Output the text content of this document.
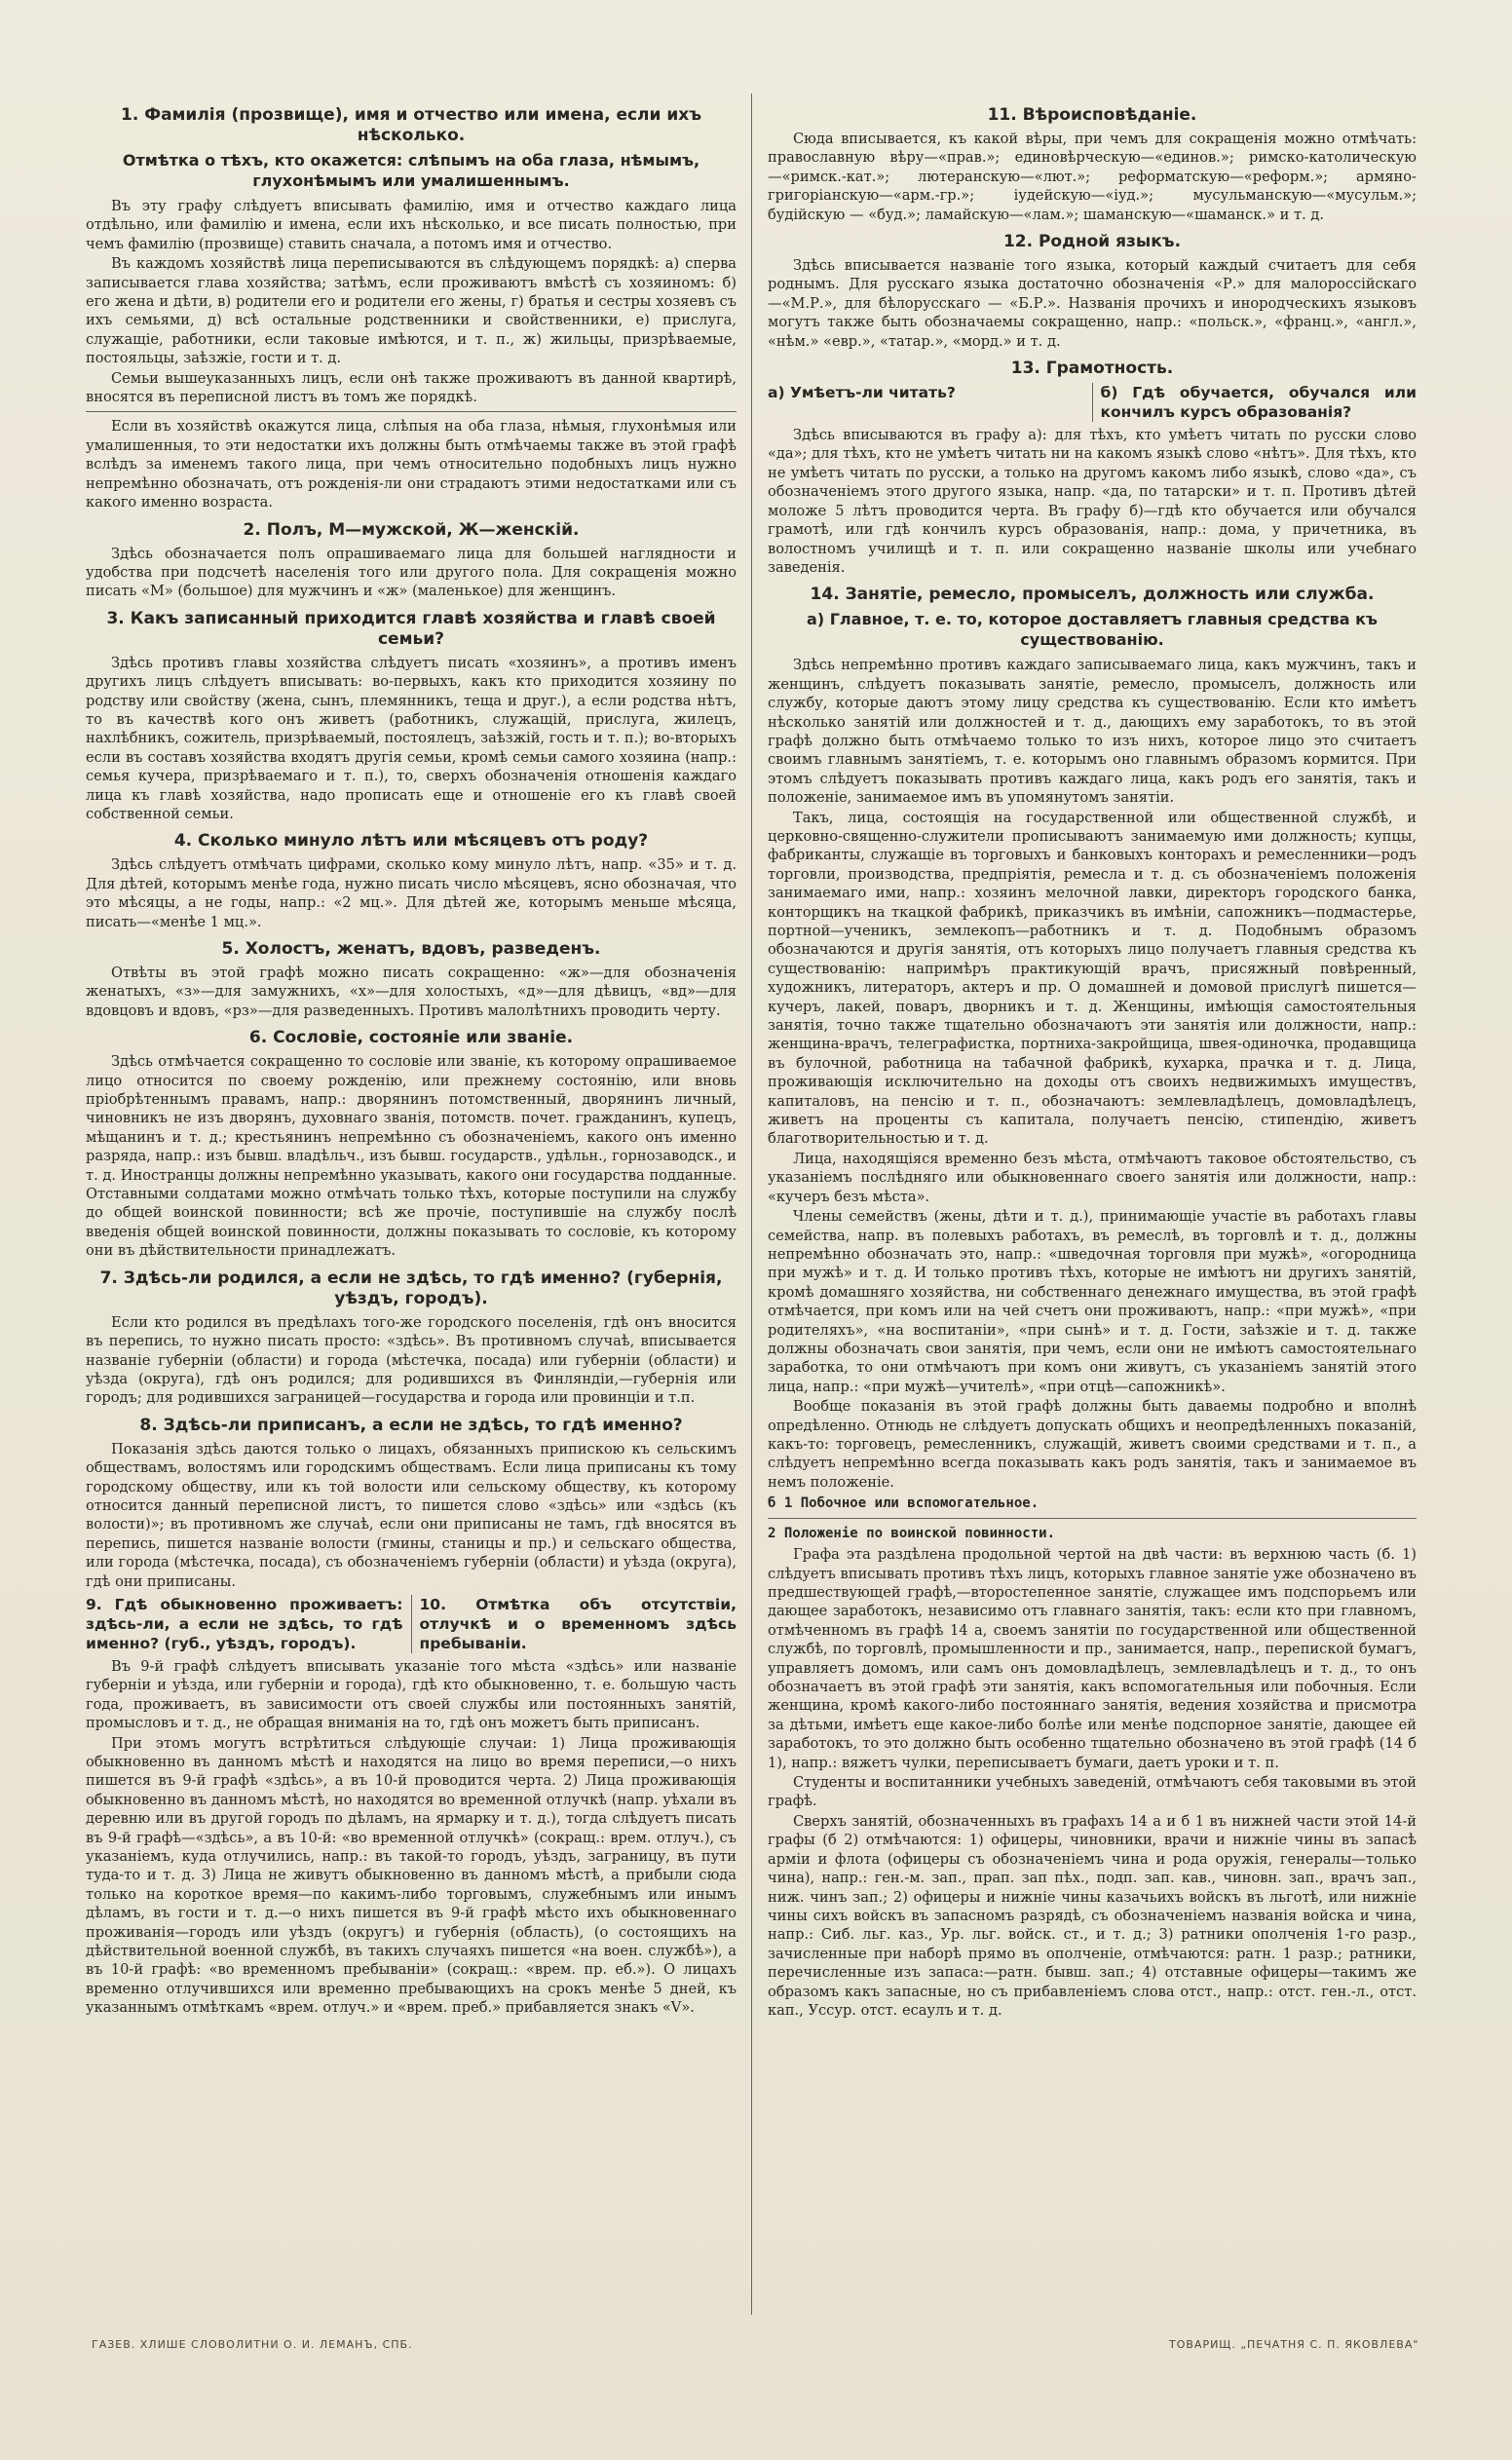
1. Фамилія (прозвище), имя и отчество или имена, если ихъ нѣсколько.
Отмѣтка о тѣхъ, кто окажется: слѣпымъ на оба глаза, нѣмымъ, глухонѣмымъ или умалишеннымъ.

Въ эту графу слѣдуетъ вписывать фамилію, имя и отчество каждаго лица отдѣльно, или фамилію и имена, если ихъ нѣсколько, и все писать полностью, при чемъ фамилію (прозвище) ставить сначала, а потомъ имя и отчество.

Въ каждомъ хозяйствѣ лица переписываются въ слѣдующемъ порядкѣ: а) сперва записывается глава хозяйства; затѣмъ, если проживаютъ вмѣстѣ съ хозяиномъ: б) его жена и дѣти, в) родители его и родители его жены, г) братья и сестры хозяевъ съ ихъ семьями, д) всѣ остальные родственники и свойственники, е) прислуга, служащіе, работники, если таковые имѣются, и т. п., ж) жильцы, призрѣваемые, постояльцы, заѣзжіе, гости и т. д.

Семьи вышеуказанныхъ лицъ, если онѣ также проживаютъ въ данной квартирѣ, вносятся въ переписной листъ въ томъ же порядкѣ.

Если въ хозяйствѣ окажутся лица, слѣпыя на оба глаза, нѣмыя, глухонѣмыя или умалишенныя, то эти недостатки ихъ должны быть отмѣчаемы также въ этой графѣ вслѣдъ за именемъ такого лица, при чемъ относительно подобныхъ лицъ нужно непремѣнно обозначать, отъ рожденія-ли они страдаютъ этими недостатками или съ какого именно возраста.

2. Полъ, М—мужской, Ж—женскій.

Здѣсь обозначается полъ опрашиваемаго лица для большей наглядности и удобства при подсчетѣ населенія того или другого пола. Для сокращенія можно писать «М» (большое) для мужчинъ и «ж» (маленькое) для женщинъ.

3. Какъ записанный приходится главѣ хозяйства и главѣ своей семьи?

Здѣсь противъ главы хозяйства слѣдуетъ писать «хозяинъ», а противъ именъ другихъ лицъ слѣдуетъ вписывать: во-первыхъ, какъ кто приходится хозяину по родству или свойству (жена, сынъ, племянникъ, теща и друг.), а если родства нѣтъ, то въ качествѣ кого онъ живетъ (работникъ, служащій, прислуга, жилецъ, нахлѣбникъ, сожитель, призрѣваемый, постоялецъ, заѣзжій, гость и т. п.); во-вторыхъ если въ составъ хозяйства входятъ другія семьи, кромѣ семьи самого хозяина (напр.: семья кучера, призрѣваемаго и т. п.), то, сверхъ обозначенія отношенія каждаго лица къ главѣ хозяйства, надо прописать еще и отношеніе его къ главѣ своей собственной семьи.

4. Сколько минуло лѣтъ или мѣсяцевъ отъ роду?

Здѣсь слѣдуетъ отмѣчать цифрами, сколько кому минуло лѣтъ, напр. «35» и т. д. Для дѣтей, которымъ менѣе года, нужно писать число мѣсяцевъ, ясно обозначая, что это мѣсяцы, а не годы, напр.: «2 мц.». Для дѣтей же, которымъ меньше мѣсяца, писать—«менѣе 1 мц.».

5. Холостъ, женатъ, вдовъ, разведенъ.

Отвѣты въ этой графѣ можно писать сокращенно: «ж»—для обозначенія женатыхъ, «з»—для замужнихъ, «х»—для холостыхъ, «д»—для дѣвицъ, «вд»—для вдовцовъ и вдовъ, «рз»—для разведенныхъ. Противъ малолѣтнихъ проводить черту.

6. Сословіе, состояніе или званіе.

Здѣсь отмѣчается сокращенно то сословіе или званіе, къ которому опрашиваемое лицо относится по своему рожденію, или прежнему состоянію, или вновь пріобрѣтеннымъ правамъ, напр.: дворянинъ потомственный, дворянинъ личный, чиновникъ не изъ дворянъ, духовнаго званія, потомств. почет. гражданинъ, купецъ, мѣщанинъ и т. д.; крестьянинъ непремѣнно съ обозначеніемъ, какого онъ именно разряда, напр.: изъ бывш. владѣльч., изъ бывш. государств., удѣльн., горнозаводск., и т. д. Иностранцы должны непремѣнно указывать, какого они государства подданные. Отставными солдатами можно отмѣчать только тѣхъ, которые поступили на службу до общей воинской повинности; всѣ же прочіе, поступившіе на службу послѣ введенія общей воинской повинности, должны показывать то сословіе, къ которому они въ дѣйствительности принадлежатъ.

7. Здѣсь-ли родился, а если не здѣсь, то гдѣ именно? (губернія, уѣздъ, городъ).

Если кто родился въ предѣлахъ того-же городского поселенія, гдѣ онъ вносится въ перепись, то нужно писать просто: «здѣсь». Въ противномъ случаѣ, вписывается названіе губерніи (области) и города (мѣстечка, посада) или губерніи (области) и уѣзда (округа), гдѣ онъ родился; для родившихся въ Финляндіи,—губернія или городъ; для родившихся заграницей—государства и города или провинціи и т.п.

8. Здѣсь-ли приписанъ, а если не здѣсь, то гдѣ именно?

Показанія здѣсь даются только о лицахъ, обязанныхъ припискою къ сельскимъ обществамъ, волостямъ или городскимъ обществамъ. Если лица приписаны къ тому городскому обществу, или къ той волости или сельскому обществу, къ которому относится данный переписной листъ, то пишется слово «здѣсь» или «здѣсь (къ волости)»; въ противномъ же случаѣ, если они приписаны не тамъ, гдѣ вносятся въ перепись, пишется названіе волости (гмины, станицы и пр.) и сельскаго общества, или города (мѣстечка, посада), съ обозначеніемъ губерніи (области) и уѣзда (округа), гдѣ они приписаны.

9. Гдѣ обыкновенно проживаетъ: здѣсь-ли, а если не здѣсь, то гдѣ именно? (губ., уѣздъ, городъ).
10. Отмѣтка объ отсутствіи, отлучкѣ и о временномъ здѣсь пребываніи.

Въ 9-й графѣ слѣдуетъ вписывать указаніе того мѣста «здѣсь» или названіе губерніи и уѣзда, или губерніи и города), гдѣ кто обыкновенно, т. е. большую часть года, проживаетъ, въ зависимости отъ своей службы или постоянныхъ занятій, промысловъ и т. д., не обращая вниманія на то, гдѣ онъ можетъ быть приписанъ.

При этомъ могутъ встрѣтиться слѣдующіе случаи: 1) Лица проживающія обыкновенно въ данномъ мѣстѣ и находятся на лицо во время переписи,—о нихъ пишется въ 9-й графѣ «здѣсь», а въ 10-й проводится черта. 2) Лица проживающія обыкновенно въ данномъ мѣстѣ, но находятся во временной отлучкѣ (напр. уѣхали въ деревню или въ другой городъ по дѣламъ, на ярмарку и т. д.), тогда слѣдуетъ писать въ 9-й графѣ—«здѣсь», а въ 10-й: «во временной отлучкѣ» (сокращ.: врем. отлуч.), съ указаніемъ, куда отлучились, напр.: въ такой-то городъ, уѣздъ, заграницу, въ пути туда-то и т. д. 3) Лица не живутъ обыкновенно въ данномъ мѣстѣ, а прибыли сюда только на короткое время—по какимъ-либо торговымъ, служебнымъ или инымъ дѣламъ, въ гости и т. д.—о нихъ пишется въ 9-й графѣ мѣсто ихъ обыкновеннаго проживанія—городъ или уѣздъ (округъ) и губернія (область), (о состоящихъ на дѣйствительной военной службѣ, въ такихъ случаяхъ пишется «на воен. службѣ»), а въ 10-й графѣ: «во временномъ пребываніи» (сокращ.: «врем. пр. еб.»). О лицахъ временно отлучившихся или временно пребывающихъ на срокъ менѣе 5 дней, къ указаннымъ отмѣткамъ «врем. отлуч.» и «врем. преб.» прибавляется знакъ «V».

11. Вѣроисповѣданіе.

Сюда вписывается, къ какой вѣры, при чемъ для сокращенія можно отмѣчать: православную вѣру—«прав.»; единовѣрческую—«единов.»; римско-католическую—«римск.-кат.»; лютеранскую—«лют.»; реформатскую—«реформ.»; армяно-григоріанскую—«арм.-гр.»; іудейскую—«іуд.»; мусульманскую—«мусульм.»; будійскую — «буд.»; ламайскую—«лам.»; шаманскую—«шаманск.» и т. д.

12. Родной языкъ.

Здѣсь вписывается названіе того языка, который каждый считаетъ для себя роднымъ. Для русскаго языка достаточно обозначенія «Р.» для малороссійскаго—«М.Р.», для бѣлорусскаго — «Б.Р.». Названія прочихъ и инородческихъ языковъ могутъ также быть обозначаемы сокращенно, напр.: «польск.», «франц.», «англ.», «нѣм.» «евр.», «татар.», «морд.» и т. д.

13. Грамотность.
а) Умѣетъ-ли читать?	б) Гдѣ обучается, обучался или кончилъ курсъ образованія?

Здѣсь вписываются въ графу а): для тѣхъ, кто умѣетъ читать по русски слово «да»; для тѣхъ, кто не умѣетъ читать ни на какомъ языкѣ слово «нѣтъ». Для тѣхъ, кто не умѣетъ читать по русски, а только на другомъ какомъ либо языкѣ, слово «да», съ обозначеніемъ этого другого языка, напр. «да, по татарски» и т. п. Противъ дѣтей моложе 5 лѣтъ проводится черта. Въ графу б)—гдѣ кто обучается или обучался грамотѣ, или гдѣ кончилъ курсъ образованія, напр.: дома, у причетника, въ волостномъ училищѣ и т. п. или сокращенно названіе школы или учебнаго заведенія.

14. Занятіе, ремесло, промыселъ, должность или служба.
а) Главное, т. е. то, которое доставляетъ главныя средства къ существованію.

Здѣсь непремѣнно противъ каждаго записываемаго лица, какъ мужчинъ, такъ и женщинъ, слѣдуетъ показывать занятіе, ремесло, промыселъ, должность или службу, которые даютъ этому лицу средства къ существованію. Если кто имѣетъ нѣсколько занятій или должностей и т. д., дающихъ ему заработокъ, то въ этой графѣ должно быть отмѣчаемо только то изъ нихъ, которое лицо это считаетъ своимъ главнымъ занятіемъ, т. е. которымъ оно главнымъ образомъ кормится. При этомъ слѣдуетъ показывать противъ каждаго лица, какъ родъ его занятія, такъ и положеніе, занимаемое имъ въ упомянутомъ занятіи.

Такъ, лица, состоящія на государственной или общественной службѣ, и церковно-священно-служители прописываютъ занимаемую ими должность; купцы, фабриканты, служащіе въ торговыхъ и банковыхъ конторахъ и ремесленники—родъ торговли, производства, предпріятія, ремесла и т. д. съ обозначеніемъ положенія занимаемаго ими, напр.: хозяинъ мелочной лавки, директоръ городского банка, конторщикъ на ткацкой фабрикѣ, приказчикъ въ имѣніи, сапожникъ—подмастерье, портной—ученикъ, землекопъ—работникъ и т. д. Подобнымъ образомъ обозначаются и другія занятія, отъ которыхъ лицо получаетъ главныя средства къ существованію: напримѣръ практикующій врачъ, присяжный повѣренный, художникъ, литераторъ, актеръ и пр. О домашней и домовой прислугѣ пишется—кучеръ, лакей, поваръ, дворникъ и т. д. Женщины, имѣющія самостоятельныя занятія, точно также тщательно обозначаютъ эти занятія или должности, напр.: женщина-врачъ, телеграфистка, портниха-закройщица, швея-одиночка, продавщица въ булочной, работница на табачной фабрикѣ, кухарка, прачка и т. д. Лица, проживающія исключительно на доходы отъ своихъ недвижимыхъ имуществъ, капиталовъ, на пенсію и т. п., обозначаютъ: землевладѣлецъ, домовладѣлецъ, живетъ на проценты съ капитала, получаетъ пенсію, стипендію, живетъ благотворительностью и т. д.

Лица, находящіяся временно безъ мѣста, отмѣчаютъ таковое обстоятельство, съ указаніемъ послѣдняго или обыкновеннаго своего занятія или должности, напр.: «кучеръ безъ мѣста».

Члены семействъ (жены, дѣти и т. д.), принимающіе участіе въ работахъ главы семейства, напр. въ полевыхъ работахъ, въ ремеслѣ, въ торговлѣ и т. д., должны непремѣнно обозначать это, напр.: «шведочная торговля при мужѣ», «огородница при мужѣ» и т. д. И только противъ тѣхъ, которые не имѣютъ ни другихъ занятій, кромѣ домашняго хозяйства, ни собственнаго денежнаго имущества, въ этой графѣ отмѣчается, при комъ или на чей счетъ они проживаютъ, напр.: «при мужѣ», «при родителяхъ», «на воспитаніи», «при сынѣ» и т. д. Гости, заѣзжіе и т. д. также должны обозначать свои занятія, при чемъ, если они не имѣютъ самостоятельнаго заработка, то они отмѣчаютъ при комъ они живутъ, съ указаніемъ занятій этого лица, напр.: «при мужѣ—учителѣ», «при отцѣ—сапожникѣ».

Вообще показанія въ этой графѣ должны быть даваемы подробно и вполнѣ опредѣленно. Отнюдь не слѣдуетъ допускать общихъ и неопредѣленныхъ показаній, какъ-то: торговецъ, ремесленникъ, служащій, живетъ своими средствами и т. п., а слѣдуетъ непремѣнно всегда показывать какъ родъ занятія, такъ и занимаемое въ немъ положеніе.

б 1 Побочное или вспомогательное.
2 Положеніе по воинской повинности.

Графа эта раздѣлена продольной чертой на двѣ части: въ верхнюю часть (б. 1) слѣдуетъ вписывать противъ тѣхъ лицъ, которыхъ главное занятіе уже обозначено въ предшествующей графѣ,—второстепенное занятіе, служащее имъ подспорьемъ или дающее заработокъ, независимо отъ главнаго занятія, такъ: если кто при главномъ, отмѣченномъ въ графѣ 14 а, своемъ занятіи по государственной или общественной службѣ, по торговлѣ, промышленности и пр., занимается, напр., перепиской бумагъ, управляетъ домомъ, или самъ онъ домовладѣлецъ, землевладѣлецъ и т. д., то онъ обозначаетъ въ этой графѣ эти занятія, какъ вспомогательныя или побочныя. Если женщина, кромѣ какого-либо постояннаго занятія, ведения хозяйства и присмотра за дѣтьми, имѣетъ еще какое-либо болѣе или менѣе подспорное занятіе, дающее ей заработокъ, то это должно быть особенно тщательно обозначено въ этой графѣ (14 б 1), напр.: вяжетъ чулки, переписываетъ бумаги, даетъ уроки и т. п.

Студенты и воспитанники учебныхъ заведеній, отмѣчаютъ себя таковыми въ этой графѣ.

Сверхъ занятій, обозначенныхъ въ графахъ 14 а и б 1 въ нижней части этой 14-й графы (б 2) отмѣчаются: 1) офицеры, чиновники, врачи и нижніе чины въ запасѣ арміи и флота (офицеры съ обозначеніемъ чина и рода оружія, генералы—только чина), напр.: ген.-м. зап., прап. зап пѣх., подп. зап. кав., чиновн. зап., врачъ зап., ниж. чинъ зап.; 2) офицеры и нижніе чины казачьихъ войскъ въ льготѣ, или нижніе чины сихъ войскъ въ запасномъ разрядѣ, съ обозначеніемъ названія войска и чина, напр.: Сиб. льг. каз., Ур. льг. войск. ст., и т. д.; 3) ратники ополченія 1-го разр., зачисленные при наборѣ прямо въ ополченіе, отмѣчаются: ратн. 1 разр.; ратники, перечисленные изъ запаса:—ратн. бывш. зап.; 4) отставные офицеры—такимъ же образомъ какъ запасные, но съ прибавленіемъ слова отст., напр.: отст. ген.-л., отст. кап., Уссур. отст. есаулъ и т. д.

ГАЗЕВ. ХЛИШЕ СЛОВОЛИТНИ О. И. ЛЕМАНЪ, СПБ.	ТОВАРИЩ. „ПЕЧАТНЯ С. П. ЯКОВЛЕВА"
